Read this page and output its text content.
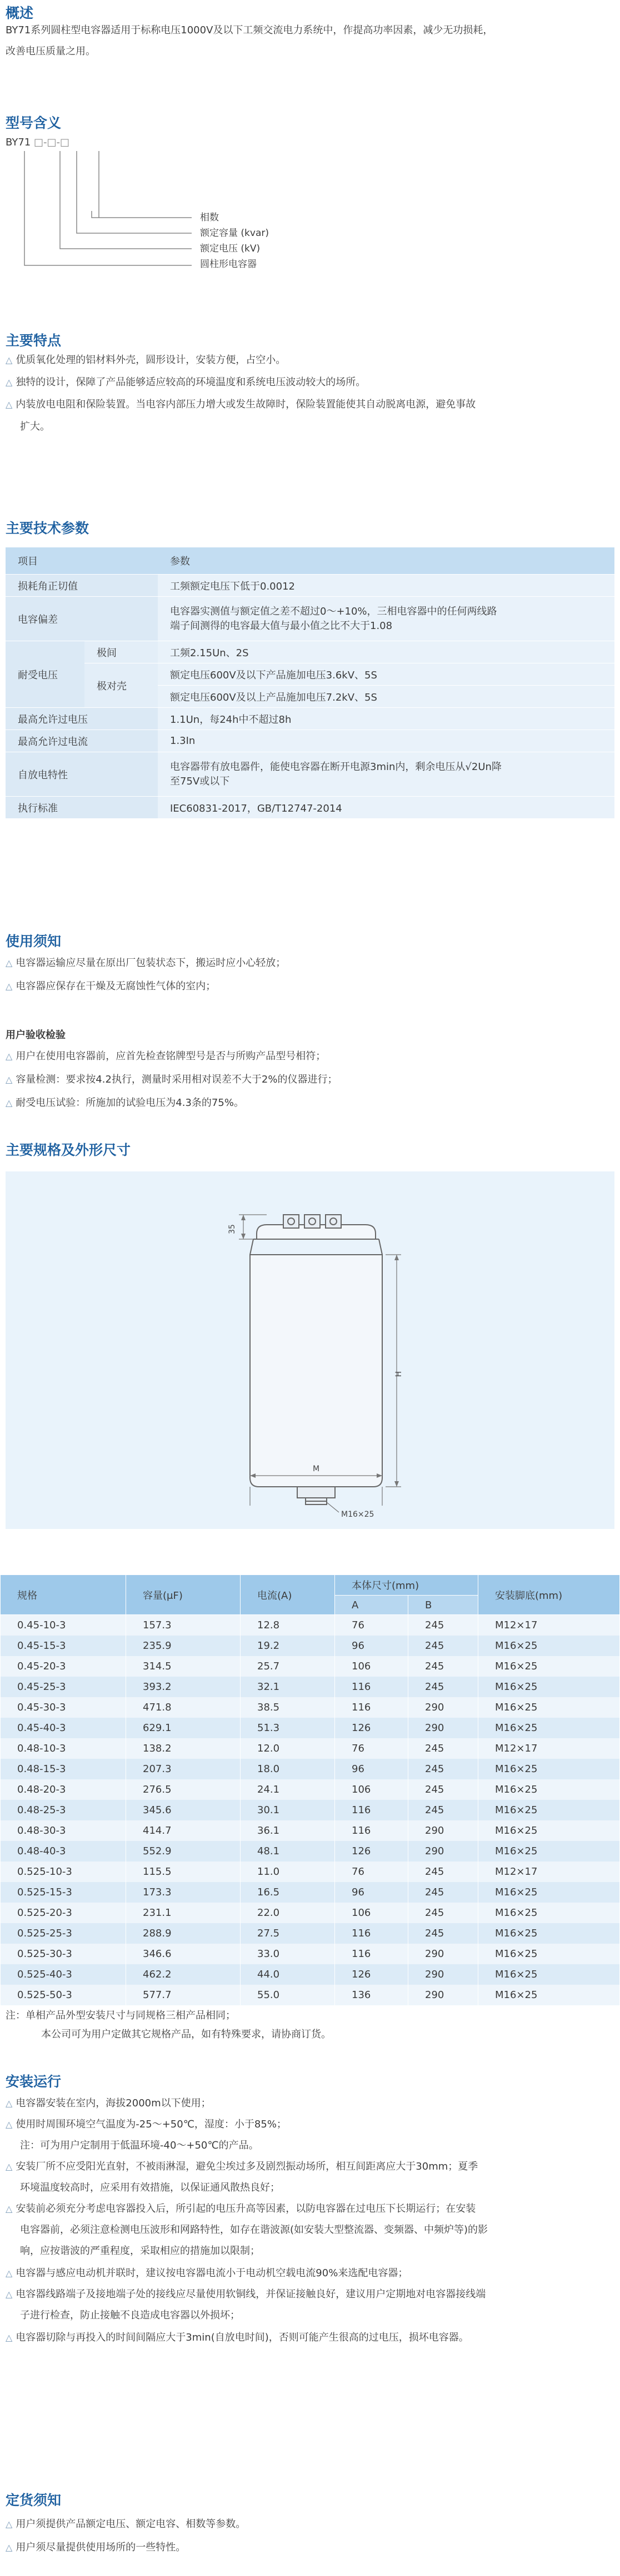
概述

BY71系列圆柱型电容器适用于标称电压1000V及以下工频交流电力系统中，作提高功率因素，减少无功损耗，

改善电压质量之用。

型号含义
BY71 □-□-□
相数
额定容量 (kvar)
额定电压 (kV)
圆柱形电容器
主要特点
△ 优质氧化处理的铝材料外壳，圆形设计，安装方便，占空小。
△ 独特的设计，保障了产品能够适应较高的环境温度和系统电压波动较大的场所。
△ 内装放电电阻和保险装置。当电容内部压力增大或发生故障时，保险装置能使其自动脱离电源，避免事故
扩大。
主要技术参数
项目		参数
损耗角正切值		工频额定电压下低于0.0012
电容偏差		电容器实测值与额定值之差不超过0～+10%，三相电容器中的任何两线路
端子间测得的电容最大值与最小值之比不大于1.08

耐受电压	极间	工频2.15Un、2S
	极对壳	额定电压600V及以下产品施加电压3.6kV、5S
		额定电压600V及以上产品施加电压7.2kV、5S
最高允许过电压		1.1Un，每24h中不超过8h
最高允许过电流		1.3In
自放电特性		电容器带有放电器件，能使电容器在断开电源3min内，剩余电压从√2Un降
至75V或以下

执行标准		IEC60831-2017，GB/T12747-2014
使用须知
△ 电容器运输应尽量在原出厂包装状态下，搬运时应小心轻放；
△ 电容器应保存在干燥及无腐蚀性气体的室内；
用户验收检验
△ 用户在使用电容器前，应首先检查铭牌型号是否与所购产品型号相符；
△ 容量检测：要求按4.2执行，测量时采用相对误差不大于2%的仪器进行；
△ 耐受电压试验：所施加的试验电压为4.3条的75%。
主要规格及外形尺寸
35
H
M
M16×25
规格	容量(μF)	电流(A)	本体尺寸(mm)		安装脚底(mm)
			A	B	
0.45-10-3	157.3	12.8	76	245	M12×17
0.45-15-3	235.9	19.2	96	245	M16×25
0.45-20-3	314.5	25.7	106	245	M16×25
0.45-25-3	393.2	32.1	116	245	M16×25
0.45-30-3	471.8	38.5	116	290	M16×25
0.45-40-3	629.1	51.3	126	290	M16×25
0.48-10-3	138.2	12.0	76	245	M12×17
0.48-15-3	207.3	18.0	96	245	M16×25
0.48-20-3	276.5	24.1	106	245	M16×25
0.48-25-3	345.6	30.1	116	245	M16×25
0.48-30-3	414.7	36.1	116	290	M16×25
0.48-40-3	552.9	48.1	126	290	M16×25
0.525-10-3	115.5	11.0	76	245	M12×17
0.525-15-3	173.3	16.5	96	245	M16×25
0.525-20-3	231.1	22.0	106	245	M16×25
0.525-25-3	288.9	27.5	116	245	M16×25
0.525-30-3	346.6	33.0	116	290	M16×25
0.525-40-3	462.2	44.0	126	290	M16×25
0.525-50-3	577.7	55.0	136	290	M16×25
注：单相产品外型安装尺寸与同规格三相产品相同；
本公司可为用户定做其它规格产品，如有特殊要求，请协商订货。
安装运行
△ 电容器安装在室内，海拔2000m以下使用；
△ 使用时周围环境空气温度为-25～+50℃，湿度：小于85%；
注：可为用户定制用于低温环境-40～+50℃的产品。
△ 安装厂所不应受阳光直射，不被雨淋湿，避免尘埃过多及剧烈振动场所，相互间距离应大于30mm；夏季
环境温度较高时，应采用有效措施，以保证通风散热良好；
△ 安装前必须充分考虑电容器投入后，所引起的电压升高等因素，以防电容器在过电压下长期运行；在安装
电容器前，必须注意检测电压波形和网路特性，如存在谐波源(如安装大型整流器、变频器、中频炉等)的影
响，应按谐波的严重程度，采取相应的措施加以限制；
△ 电容器与感应电动机并联时，建议按电容器电流小于电动机空载电流90%来选配电容器；
△ 电容器线路端子及接地端子处的接线应尽量使用软铜线，并保证接触良好，建议用户定期地对电容器接线端
子进行检查，防止接触不良造成电容器以外损坏；
△ 电容器切除与再投入的时间间隔应大于3min(自放电时间)，否则可能产生很高的过电压，损坏电容器。
定货须知
△ 用户须提供产品额定电压、额定电容、相数等参数。
△ 用户须尽量提供使用场所的一些特性。
